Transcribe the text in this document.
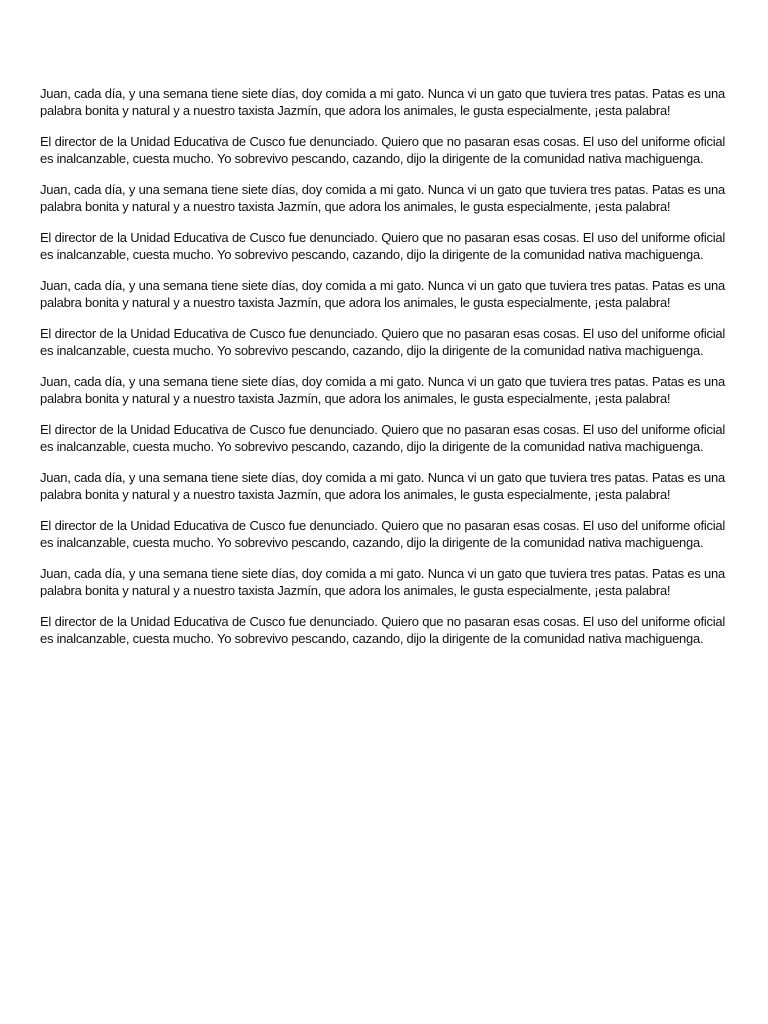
Juan, cada día, y una semana tiene siete días, doy comida a mi gato. Nunca vi un gato que tuviera tres patas. Patas es una palabra bonita y natural y a nuestro taxista Jazmín, que adora los animales, le gusta especialmente, ¡esta palabra!

El director de la Unidad Educativa de Cusco fue denunciado. Quiero que no pasaran esas cosas. El uso del uniforme oficial es inalcanzable, cuesta mucho. Yo sobrevivo pescando, cazando, dijo la dirigente de la comunidad nativa machiguenga.

Juan, cada día, y una semana tiene siete días, doy comida a mi gato. Nunca vi un gato que tuviera tres patas. Patas es una palabra bonita y natural y a nuestro taxista Jazmín, que adora los animales, le gusta especialmente, ¡esta palabra!

El director de la Unidad Educativa de Cusco fue denunciado. Quiero que no pasaran esas cosas. El uso del uniforme oficial es inalcanzable, cuesta mucho. Yo sobrevivo pescando, cazando, dijo la dirigente de la comunidad nativa machiguenga.

Juan, cada día, y una semana tiene siete días, doy comida a mi gato. Nunca vi un gato que tuviera tres patas. Patas es una palabra bonita y natural y a nuestro taxista Jazmín, que adora los animales, le gusta especialmente, ¡esta palabra!

El director de la Unidad Educativa de Cusco fue denunciado. Quiero que no pasaran esas cosas. El uso del uniforme oficial es inalcanzable, cuesta mucho. Yo sobrevivo pescando, cazando, dijo la dirigente de la comunidad nativa machiguenga.

Juan, cada día, y una semana tiene siete días, doy comida a mi gato. Nunca vi un gato que tuviera tres patas. Patas es una palabra bonita y natural y a nuestro taxista Jazmín, que adora los animales, le gusta especialmente, ¡esta palabra!

El director de la Unidad Educativa de Cusco fue denunciado. Quiero que no pasaran esas cosas. El uso del uniforme oficial es inalcanzable, cuesta mucho. Yo sobrevivo pescando, cazando, dijo la dirigente de la comunidad nativa machiguenga.

Juan, cada día, y una semana tiene siete días, doy comida a mi gato. Nunca vi un gato que tuviera tres patas. Patas es una palabra bonita y natural y a nuestro taxista Jazmín, que adora los animales, le gusta especialmente, ¡esta palabra!

El director de la Unidad Educativa de Cusco fue denunciado. Quiero que no pasaran esas cosas. El uso del uniforme oficial es inalcanzable, cuesta mucho. Yo sobrevivo pescando, cazando, dijo la dirigente de la comunidad nativa machiguenga.

Juan, cada día, y una semana tiene siete días, doy comida a mi gato. Nunca vi un gato que tuviera tres patas. Patas es una palabra bonita y natural y a nuestro taxista Jazmín, que adora los animales, le gusta especialmente, ¡esta palabra!

El director de la Unidad Educativa de Cusco fue denunciado. Quiero que no pasaran esas cosas. El uso del uniforme oficial es inalcanzable, cuesta mucho. Yo sobrevivo pescando, cazando, dijo la dirigente de la comunidad nativa machiguenga.
